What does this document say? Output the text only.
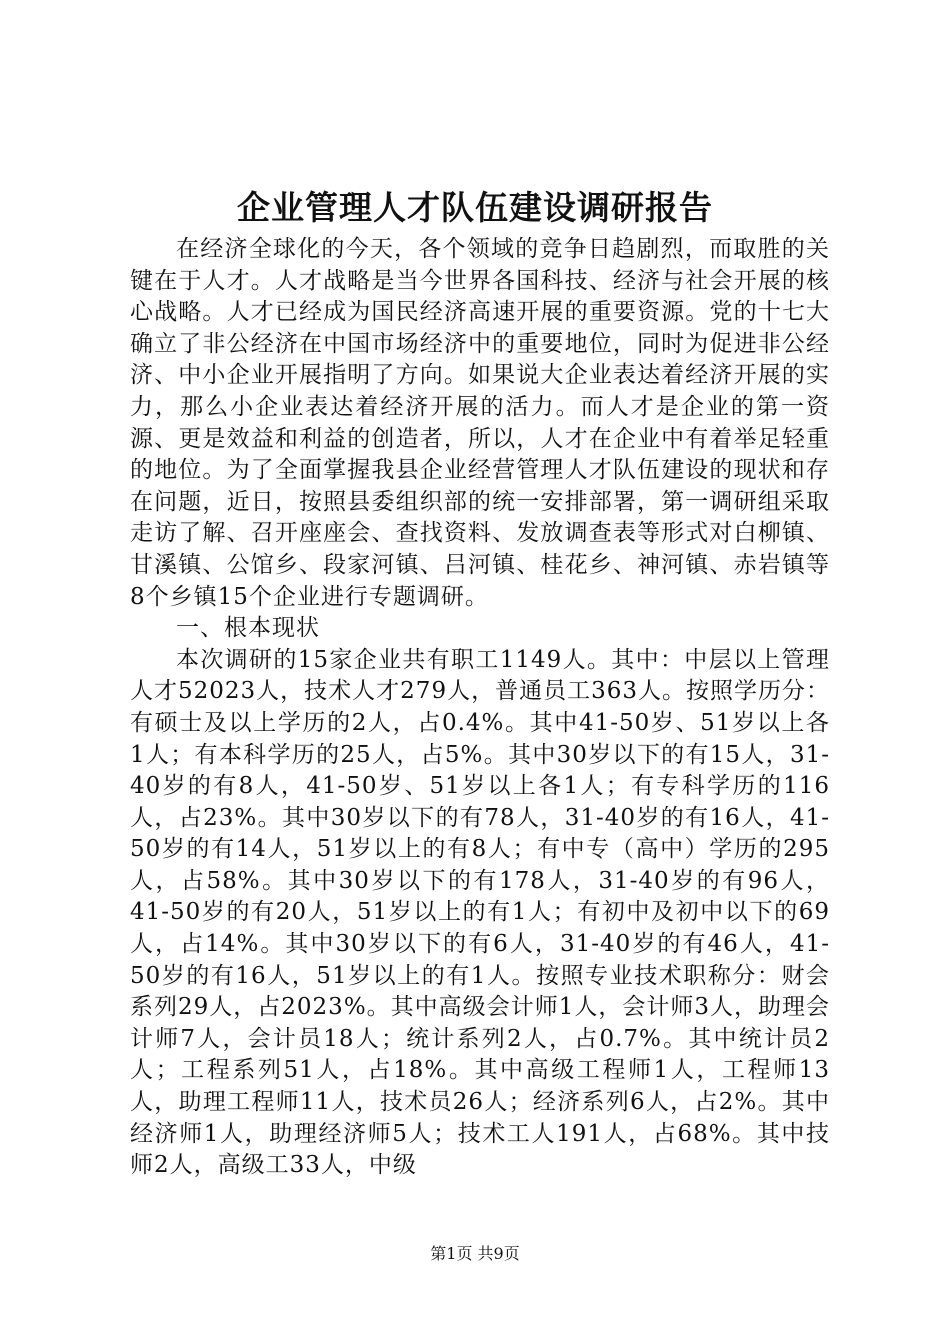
企业管理人才队伍建设调研报告

在经济全球化的今天，各个领域的竞争日趋剧烈，而取胜的关键在于人才。人才战略是当今世界各国科技、经济与社会开展的核心战略。人才已经成为国民经济高速开展的重要资源。党的十七大确立了非公经济在中国市场经济中的重要地位，同时为促进非公经济、中小企业开展指明了方向。如果说大企业表达着经济开展的实力，那么小企业表达着经济开展的活力。而人才是企业的第一资源、更是效益和利益的创造者，所以，人才在企业中有着举足轻重的地位。为了全面掌握我县企业经营管理人才队伍建设的现状和存在问题，近日，按照县委组织部的统一安排部署，第一调研组采取走访了解、召开座座会、查找资料、发放调查表等形式对白柳镇、甘溪镇、公馆乡、段家河镇、吕河镇、桂花乡、神河镇、赤岩镇等8个乡镇15个企业进行专题调研。

一、根本现状

本次调研的15家企业共有职工1149人。其中：中层以上管理人才52023人，技术人才279人，普通员工363人。按照学历分：有硕士及以上学历的2人，占0.4%。其中41-50岁、51岁以上各1人；有本科学历的25人，占5%。其中30岁以下的有15人，31-40岁的有8人，41-50岁、51岁以上各1人；有专科学历的116人，占23%。其中30岁以下的有78人，31-40岁的有16人，41-50岁的有14人，51岁以上的有8人；有中专（高中）学历的295人，占58%。其中30岁以下的有178人，31-40岁的有96人，41-50岁的有20人，51岁以上的有1人；有初中及初中以下的69人，占14%。其中30岁以下的有6人，31-40岁的有46人，41-50岁的有16人，51岁以上的有1人。按照专业技术职称分：财会系列29人，占2023%。其中高级会计师1人，会计师3人，助理会计师7人，会计员18人；统计系列2人，占0.7%。其中统计员2人；工程系列51人，占18%。其中高级工程师1人，工程师13人，助理工程师11人，技术员26人；经济系列6人，占2%。其中经济师1人，助理经济师5人；技术工人191人，占68%。其中技师2人，高级工33人，中级

第1页 共9页
